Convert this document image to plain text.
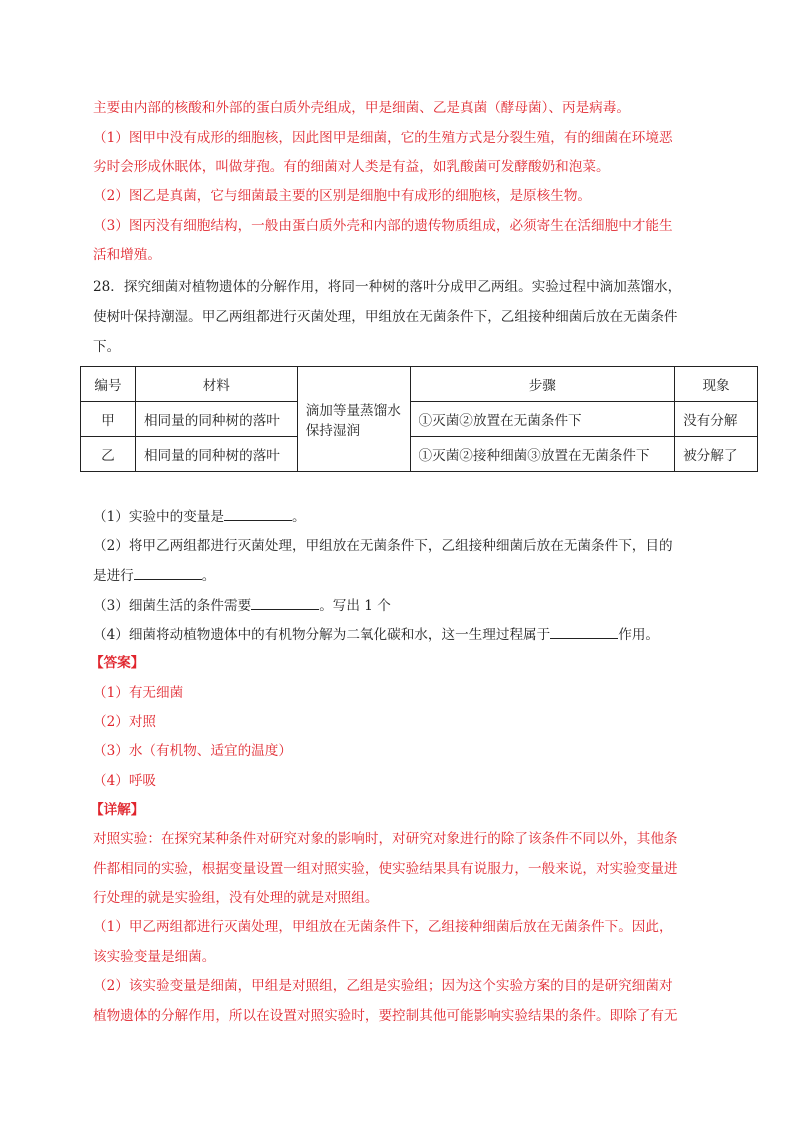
主要由内部的核酸和外部的蛋白质外壳组成，甲是细菌、乙是真菌（酵母菌）、丙是病毒。
（1）图甲中没有成形的细胞核，因此图甲是细菌，它的生殖方式是分裂生殖，有的细菌在环境恶
劣时会形成休眠体，叫做芽孢。有的细菌对人类是有益，如乳酸菌可发酵酸奶和泡菜。
（2）图乙是真菌，它与细菌最主要的区别是细胞中有成形的细胞核，是原核生物。
（3）图丙没有细胞结构，一般由蛋白质外壳和内部的遗传物质组成，必须寄生在活细胞中才能生
活和增殖。
28．探究细菌对植物遗体的分解作用，将同一种树的落叶分成甲乙两组。实验过程中滴加蒸馏水，
使树叶保持潮湿。甲乙两组都进行灭菌处理，甲组放在无菌条件下，乙组接种细菌后放在无菌条件
下。
编号	材料	滴加等量蒸馏水保持湿润	步骤	现象
甲	相同量的同种树的落叶		①灭菌②放置在无菌条件下	没有分解
乙	相同量的同种树的落叶		①灭菌②接种细菌③放置在无菌条件下	被分解了
（1）实验中的变量是	。
（2）将甲乙两组都进行灭菌处理，甲组放在无菌条件下，乙组接种细菌后放在无菌条件下，目的
是进行	。
（3）细菌生活的条件需要	。写出 1 个
（4）细菌将动植物遗体中的有机物分解为二氧化碳和水，这一生理过程属于	作用。
【答案】
（1）有无细菌
（2）对照
（3）水（有机物、适宜的温度）
（4）呼吸
【详解】
对照实验：在探究某种条件对研究对象的影响时，对研究对象进行的除了该条件不同以外，其他条
件都相同的实验，根据变量设置一组对照实验，使实验结果具有说服力，一般来说，对实验变量进
行处理的就是实验组，没有处理的就是对照组。
（1）甲乙两组都进行灭菌处理，甲组放在无菌条件下，乙组接种细菌后放在无菌条件下。因此，
该实验变量是细菌。
（2）该实验变量是细菌，甲组是对照组，乙组是实验组；因为这个实验方案的目的是研究细菌对
植物遗体的分解作用，所以在设置对照实验时，要控制其他可能影响实验结果的条件。即除了有无
